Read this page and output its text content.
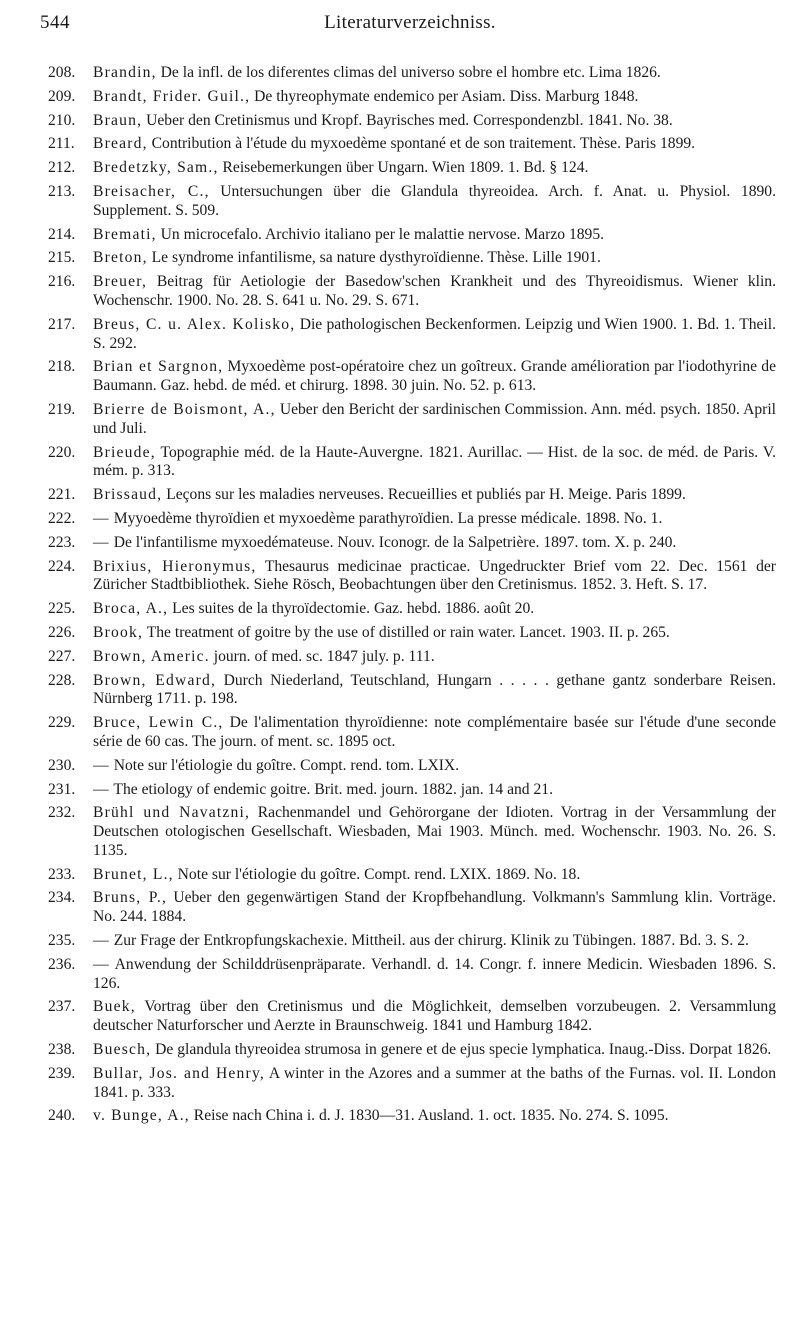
544	Literaturverzeichniss.
208. Brandin, De la infl. de los diferentes climas del universo sobre el hombre etc. Lima 1826.
209. Brandt, Frider. Guil., De thyreophymate endemico per Asiam. Diss. Marburg 1848.
210. Braun, Ueber den Cretinismus und Kropf. Bayrisches med. Correspondenzbl. 1841. No. 38.
211. Breard, Contribution à l'étude du myxoedème spontané et de son traitement. Thèse. Paris 1899.
212. Bredetzky, Sam., Reisebemerkungen über Ungarn. Wien 1809. 1. Bd. § 124.
213. Breisacher, C., Untersuchungen über die Glandula thyreoidea. Arch. f. Anat. u. Physiol. 1890. Supplement. S. 509.
214. Bremati, Un microcefalo. Archivio italiano per le malattie nervose. Marzo 1895.
215. Breton, Le syndrome infantilisme, sa nature dysthyroïdienne. Thèse. Lille 1901.
216. Breuer, Beitrag für Aetiologie der Basedow'schen Krankheit und des Thyreoidismus. Wiener klin. Wochenschr. 1900. No. 28. S. 641 u. No. 29. S. 671.
217. Breus, C. u. Alex. Kolisko, Die pathologischen Beckenformen. Leipzig und Wien 1900. 1. Bd. 1. Theil. S. 292.
218. Brian et Sargnon, Myxoedème post-opératoire chez un goîtreux. Grande amélioration par l'iodothyrine de Baumann. Gaz. hebd. de méd. et chirurg. 1898. 30 juin. No. 52. p. 613.
219. Brierre de Boismont, A., Ueber den Bericht der sardinischen Commission. Ann. méd. psych. 1850. April und Juli.
220. Brieude, Topographie méd. de la Haute-Auvergne. 1821. Aurillac. — Hist. de la soc. de méd. de Paris. V. mém. p. 313.
221. Brissaud, Leçons sur les maladies nerveuses. Recueillies et publiés par H. Meige. Paris 1899.
222. — Myyoedème thyroïdien et myxoedème parathyroïdien. La presse médicale. 1898. No. 1.
223. — De l'infantilisme myxoedémateuse. Nouv. Iconogr. de la Salpetrière. 1897. tom. X. p. 240.
224. Brixius, Hieronymus, Thesaurus medicinae practicae. Ungedruckter Brief vom 22. Dec. 1561 der Züricher Stadtbibliothek. Siehe Rösch, Beobachtungen über den Cretinismus. 1852. 3. Heft. S. 17.
225. Broca, A., Les suites de la thyroïdectomie. Gaz. hebd. 1886. août 20.
226. Brook, The treatment of goitre by the use of distilled or rain water. Lancet. 1903. II. p. 265.
227. Brown, Americ. journ. of med. sc. 1847 july. p. 111.
228. Brown, Edward, Durch Niederland, Teutschland, Hungarn . . . . . gethane gantz sonderbare Reisen. Nürnberg 1711. p. 198.
229. Bruce, Lewin C., De l'alimentation thyroïdienne: note complémentaire basée sur l'étude d'une seconde série de 60 cas. The journ. of ment. sc. 1895 oct.
230. — Note sur l'étiologie du goître. Compt. rend. tom. LXIX.
231. — The etiology of endemic goitre. Brit. med. journ. 1882. jan. 14 and 21.
232. Brühl und Navatzni, Rachenmandel und Gehörorgane der Idioten. Vortrag in der Versammlung der Deutschen otologischen Gesellschaft. Wiesbaden, Mai 1903. Münch. med. Wochenschr. 1903. No. 26. S. 1135.
233. Brunet, L., Note sur l'étiologie du goître. Compt. rend. LXIX. 1869. No. 18.
234. Bruns, P., Ueber den gegenwärtigen Stand der Kropfbehandlung. Volkmann's Sammlung klin. Vorträge. No. 244. 1884.
235. — Zur Frage der Entkropfungskachexie. Mittheil. aus der chirurg. Klinik zu Tübingen. 1887. Bd. 3. S. 2.
236. — Anwendung der Schilddrüsenpräparate. Verhandl. d. 14. Congr. f. innere Medicin. Wiesbaden 1896. S. 126.
237. Buek, Vortrag über den Cretinismus und die Möglichkeit, demselben vorzubeugen. 2. Versammlung deutscher Naturforscher und Aerzte in Braunschweig. 1841 und Hamburg 1842.
238. Buesch, De glandula thyreoidea strumosa in genere et de ejus specie lymphatica. Inaug.-Diss. Dorpat 1826.
239. Bullar, Jos. and Henry, A winter in the Azores and a summer at the baths of the Furnas. vol. II. London 1841. p. 333.
240. v. Bunge, A., Reise nach China i. d. J. 1830—31. Ausland. 1. oct. 1835. No. 274. S. 1095.
